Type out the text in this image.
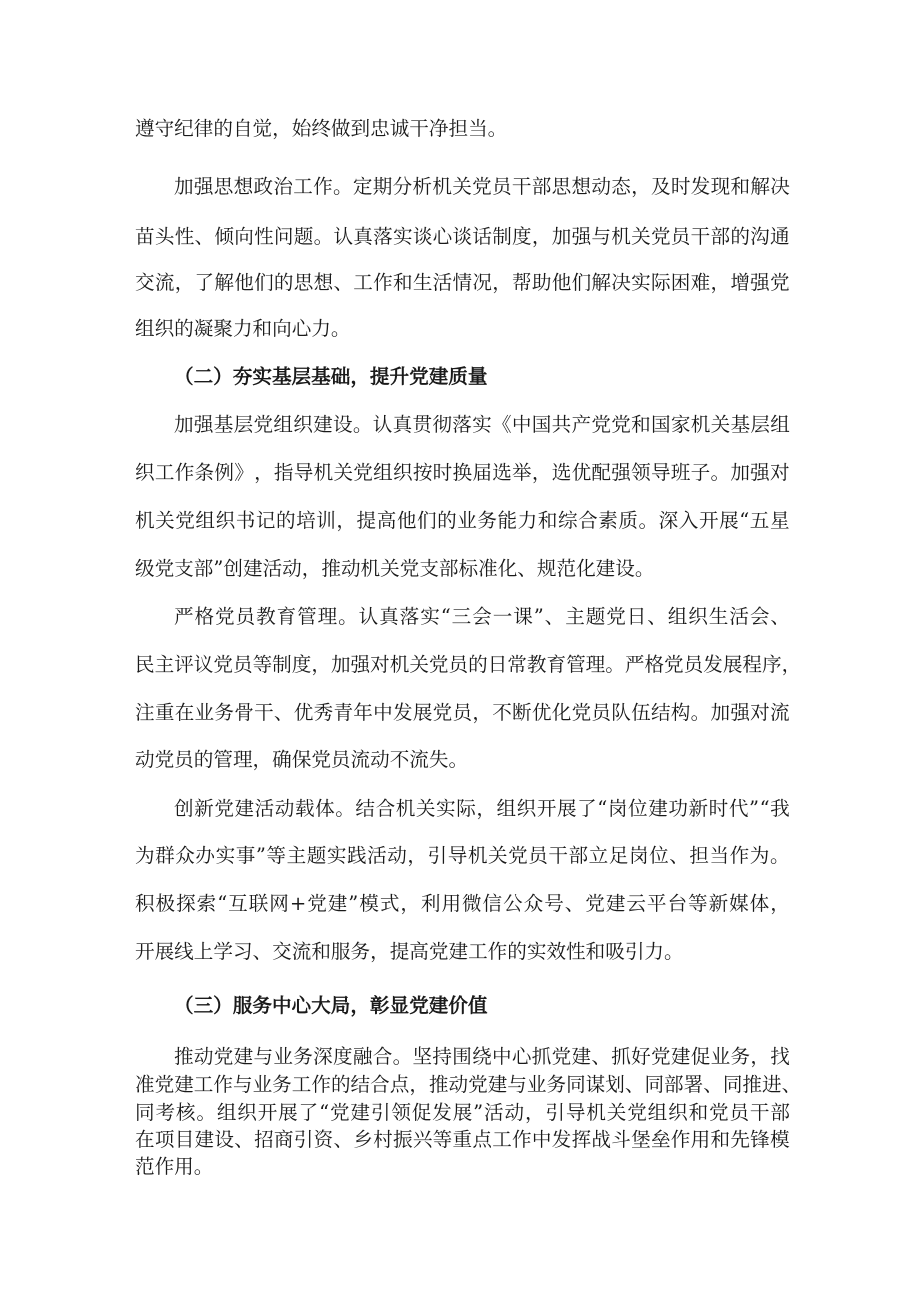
遵守纪律的自觉，始终做到忠诚干净担当。
加 强 思 想 政 治 工 作 。 定 期 分 析 机 关 党 员 干 部 思 想 动 态 ， 及 时 发 现 和 解 决
苗 头 性 、 倾 向 性 问 题 。 认 真 落 实 谈 心 谈 话 制 度 ， 加 强 与 机 关 党 员 干 部 的 沟 通
交 流 ， 了 解 他 们 的 思 想 、 工 作 和 生 活 情 况 ， 帮 助 他 们 解 决 实 际 困 难 ， 增 强 党
组织的凝聚力和向心力。
（二）夯实基层基础，提升党建质量
加 强 基 层 党 组 织 建 设 。 认 真 贯 彻 落 实 《 中 国 共 产 党 党 和 国 家 机 关 基 层 组
织 工 作 条 例 》 ， 指 导 机 关 党 组 织 按 时 换 届 选 举 ， 选 优 配 强 领 导 班 子 。 加 强 对
机 关 党 组 织 书 记 的 培 训 ， 提 高 他 们 的 业 务 能 力 和 综 合 素 质 。 深 入 开 展 “ 五 星
级党支部”创建活动，推动机关党支部标准化、规范化建设。
严 格 党 员 教 育 管 理 。 认 真 落 实 “ 三 会 一 课 ” 、 主 题 党 日 、 组 织 生 活 会 、
民 主 评 议 党 员 等 制 度 ， 加 强 对 机 关 党 员 的 日 常 教 育 管 理 。 严 格 党 员 发 展 程 序 ，
注 重 在 业 务 骨 干 、 优 秀 青 年 中 发 展 党 员 ， 不 断 优 化 党 员 队 伍 结 构 。 加 强 对 流
动党员的管理，确保党员流动不流失。
创 新 党 建 活 动 载 体 。 结 合 机 关 实 际 ， 组 织 开 展 了 “ 岗 位 建 功 新 时 代 ” “ 我
为 群 众 办 实 事 ” 等 主 题 实 践 活 动 ， 引 导 机 关 党 员 干 部 立 足 岗 位 、 担 当 作 为 。
积 极 探 索 “ 互 联 网 + 党 建 ” 模 式 ， 利 用 微 信 公 众 号 、 党 建 云 平 台 等 新 媒 体 ，
开展线上学习、交流和服务，提高党建工作的实效性和吸引力。
（三）服务中心大局，彰显党建价值
推 动 党 建 与 业 务 深 度 融 合 。 坚 持 围 绕 中 心 抓 党 建 、 抓 好 党 建 促 业 务 ， 找
准 党 建 工 作 与 业 务 工 作 的 结 合 点 ， 推 动 党 建 与 业 务 同 谋 划 、 同 部 署 、 同 推 进 、
同 考 核 。 组 织 开 展 了 “ 党 建 引 领 促 发 展 ” 活 动 ， 引 导 机 关 党 组 织 和 党 员 干 部
在 项 目 建 设 、 招 商 引 资 、 乡 村 振 兴 等 重 点 工 作 中 发 挥 战 斗 堡 垒 作 用 和 先 锋 模
范作用。
